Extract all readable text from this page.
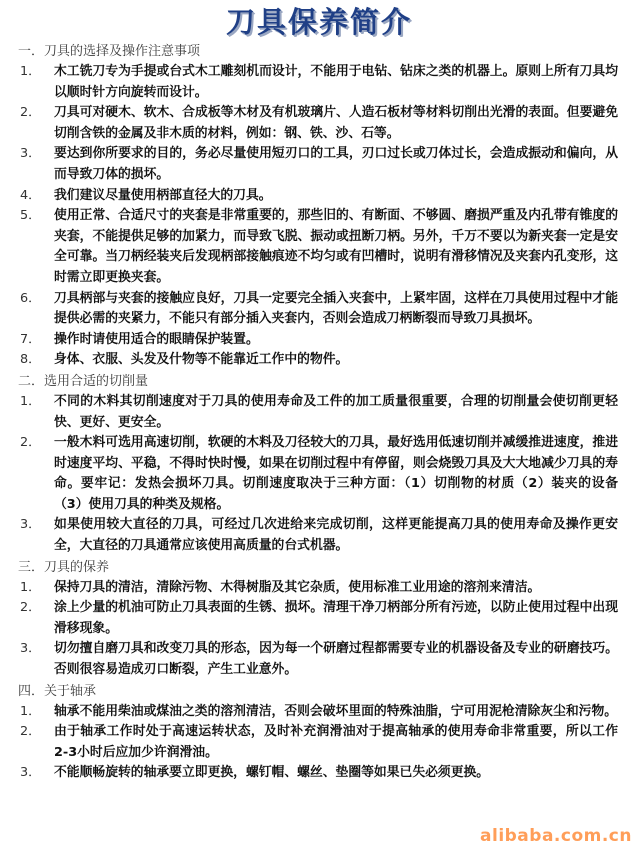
刀具保养简介
一．刀具的选择及操作注意事项
1．	木工铣刀专为手提或台式木工雕刻机而设计，不能用于电钻、钻床之类的机器上。原则上所有刀具均以顺时针方向旋转而设计。
2．	刀具可对硬木、软木、合成板等木材及有机玻璃片、人造石板材等材料切削出光滑的表面。但要避免切削含铁的金属及非木质的材料，例如：钢、铁、沙、石等。
3．	要达到你所要求的目的，务必尽量使用短刃口的工具，刃口过长或刀体过长，会造成振动和偏向，从而导致刀体的损坏。
4．	我们建议尽量使用柄部直径大的刀具。
5．	使用正常、合适尺寸的夹套是非常重要的，那些旧的、有断面、不够圆、磨损严重及内孔带有锥度的夹套，不能提供足够的加紧力，而导致飞脱、振动或扭断刀柄。另外，千万不要以为新夹套一定是安全可靠。当刀柄经装夹后发现柄部接触痕迹不均匀或有凹槽时，说明有滑移情况及夹套内孔变形，这时需立即更换夹套。
6．	刀具柄部与夹套的接触应良好，刀具一定要完全插入夹套中，上紧牢固，这样在刀具使用过程中才能提供必需的夹紧力，不能只有部分插入夹套内，否则会造成刀柄断裂而导致刀具损坏。
7．	操作时请使用适合的眼睛保护装置。
8．	身体、衣服、头发及什物等不能靠近工作中的物件。
二．选用合适的切削量
1．	不同的木料其切削速度对于刀具的使用寿命及工件的加工质量很重要，合理的切削量会使切削更轻快、更好、更安全。
2．	一般木料可选用高速切削，软硬的木料及刀径较大的刀具，最好选用低速切削并减缓推进速度，推进时速度平均、平稳，不得时快时慢，如果在切削过程中有停留，则会烧毁刀具及大大地减少刀具的寿命。要牢记：发热会损坏刀具。切削速度取决于三种方面：（1）切削物的材质（2）装夹的设备（3）使用刀具的种类及规格。
3．	如果使用较大直径的刀具，可经过几次进给来完成切削，这样更能提高刀具的使用寿命及操作更安全，大直径的刀具通常应该使用高质量的台式机器。
三．刀具的保养
1．	保持刀具的清洁，清除污物、木得树脂及其它杂质，使用标准工业用途的溶剂来清洁。
2．	涂上少量的机油可防止刀具表面的生锈、损坏。清理干净刀柄部分所有污迹，以防止使用过程中出现滑移现象。
3．	切勿擅自磨刀具和改变刀具的形态，因为每一个研磨过程都需要专业的机器设备及专业的研磨技巧。否则很容易造成刃口断裂，产生工业意外。
四．关于轴承
1．	轴承不能用柴油或煤油之类的溶剂清洁，否则会破坏里面的特殊油脂，宁可用泥枪清除灰尘和污物。
2．	由于轴承工作时处于高速运转状态，及时补充润滑油对于提高轴承的使用寿命非常重要，所以工作2-3小时后应加少许润滑油。
3．	不能顺畅旋转的轴承要立即更换，螺钉帽、螺丝、垫圈等如果已失必须更换。
alibaba.com.cn
